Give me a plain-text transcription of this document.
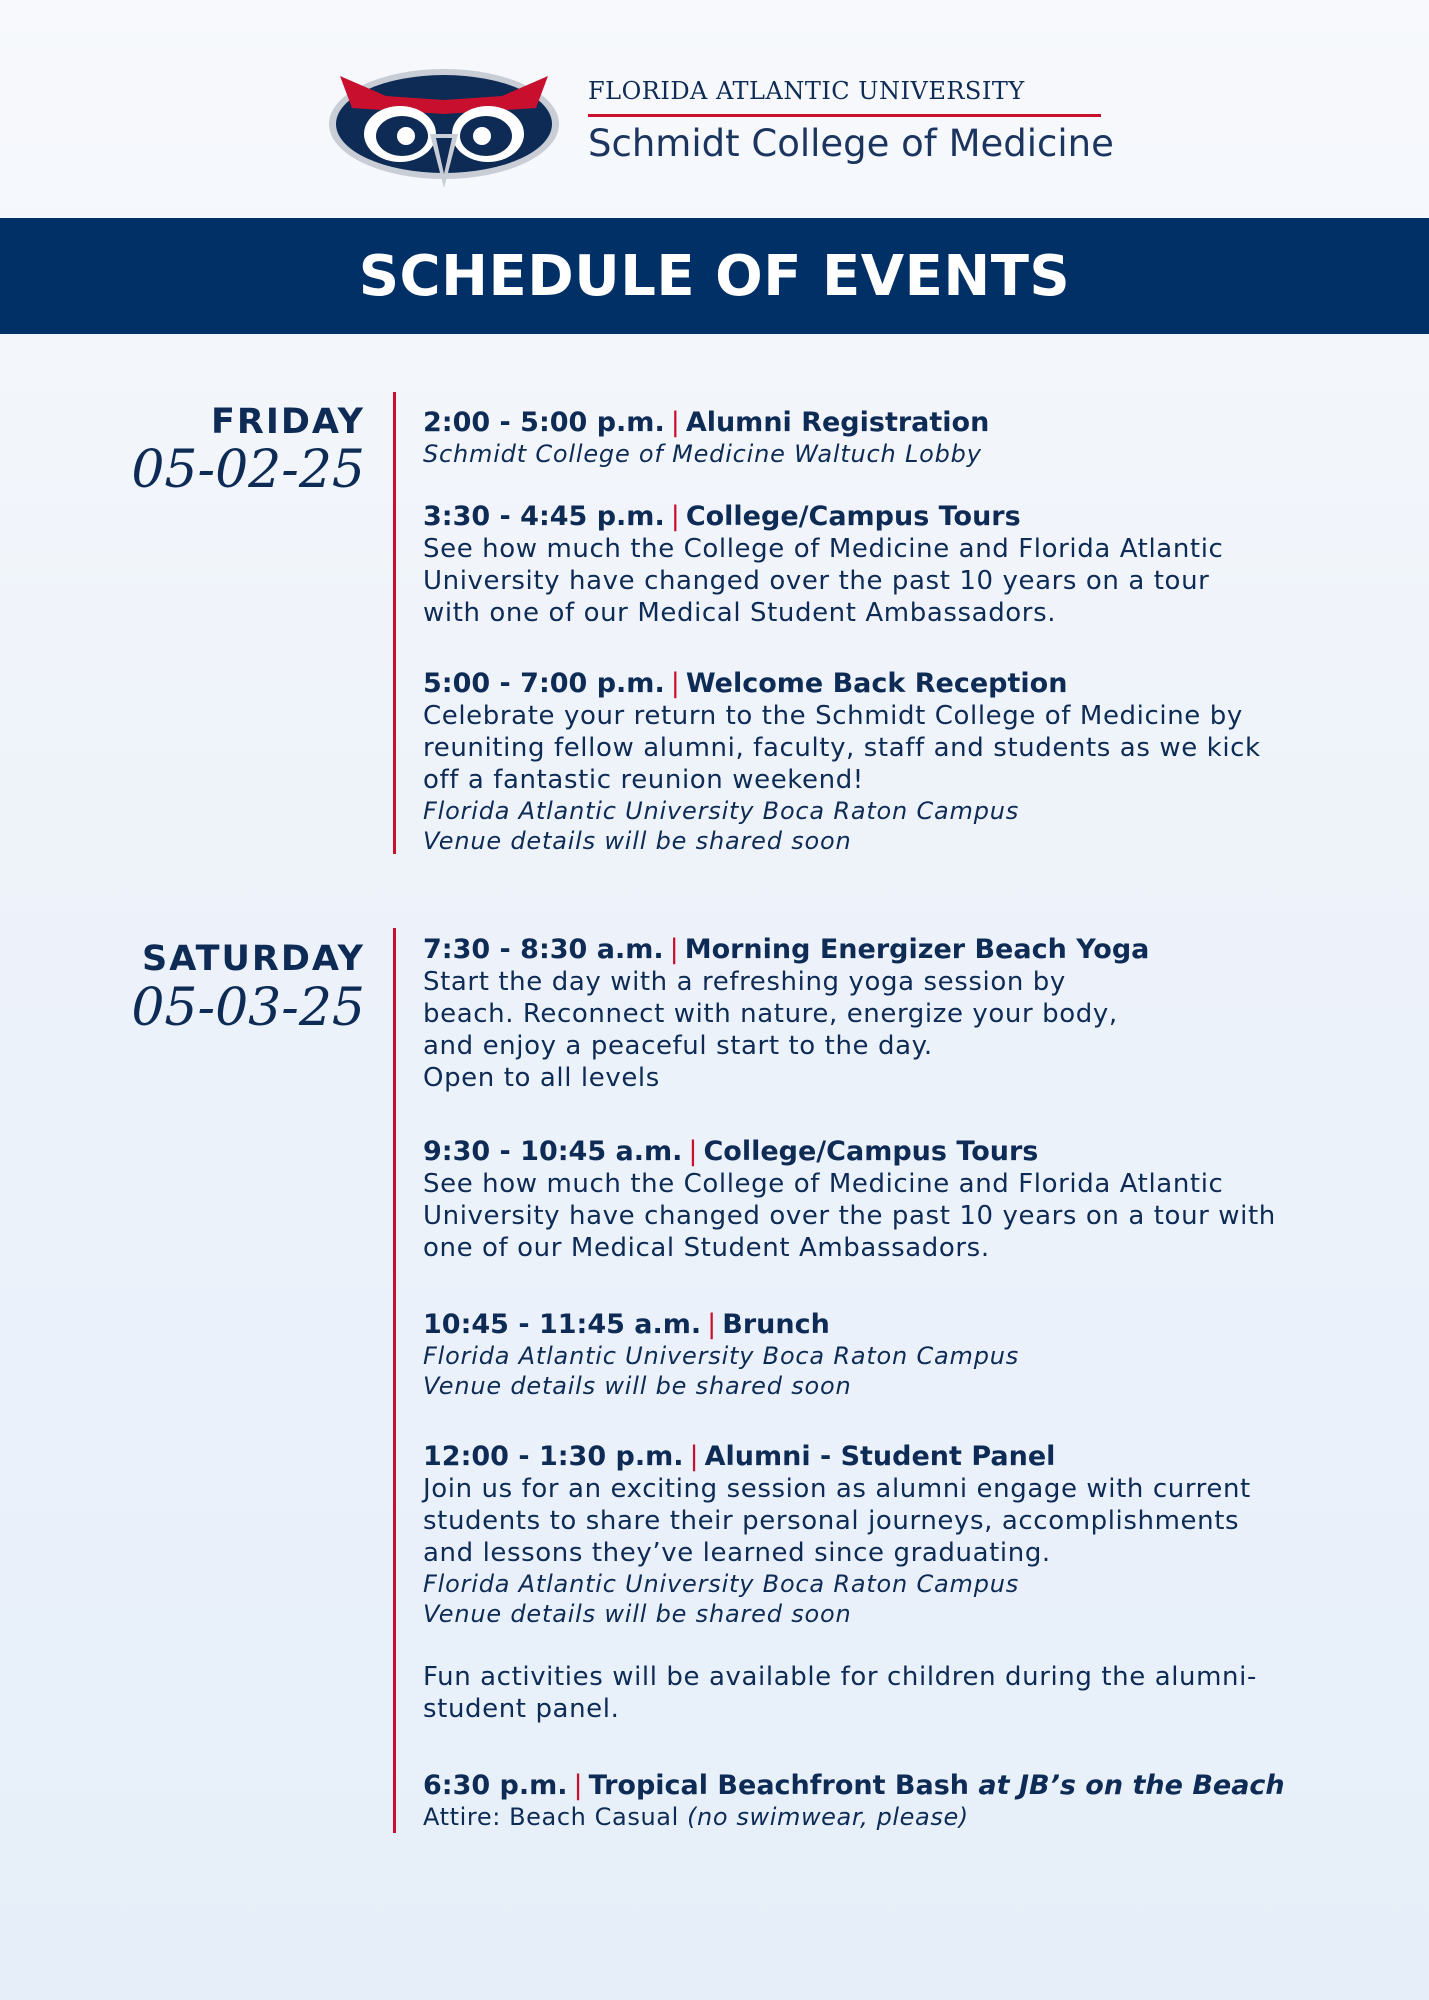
FLORIDA ATLANTIC UNIVERSITY
Schmidt College of Medicine
SCHEDULE OF EVENTS
FRIDAY
05-02-25
2:00 - 5:00 p.m. | Alumni Registration
Schmidt College of Medicine Waltuch Lobby
3:30 - 4:45 p.m. | College/Campus Tours
See how much the College of Medicine and Florida Atlantic
University have changed over the past 10 years on a tour
with one of our Medical Student Ambassadors.
5:00 - 7:00 p.m. | Welcome Back Reception
Celebrate your return to the Schmidt College of Medicine by
reuniting fellow alumni, faculty, staff and students as we kick
off a fantastic reunion weekend!
Florida Atlantic University Boca Raton Campus
Venue details will be shared soon
SATURDAY
05-03-25
7:30 - 8:30 a.m. | Morning Energizer Beach Yoga
Start the day with a refreshing yoga session by
beach. Reconnect with nature, energize your body,
and enjoy a peaceful start to the day.
Open to all levels
9:30 - 10:45 a.m. | College/Campus Tours
See how much the College of Medicine and Florida Atlantic
University have changed over the past 10 years on a tour with
one of our Medical Student Ambassadors.
10:45 - 11:45 a.m. | Brunch
Florida Atlantic University Boca Raton Campus
Venue details will be shared soon
12:00 - 1:30 p.m. | Alumni - Student Panel
Join us for an exciting session as alumni engage with current
students to share their personal journeys, accomplishments
and lessons they’ve learned since graduating.
Florida Atlantic University Boca Raton Campus
Venue details will be shared soon
Fun activities will be available for children during the alumni-
student panel.
6:30 p.m. | Tropical Beachfront Bash at JB’s on the Beach
Attire: Beach Casual (no swimwear, please)
